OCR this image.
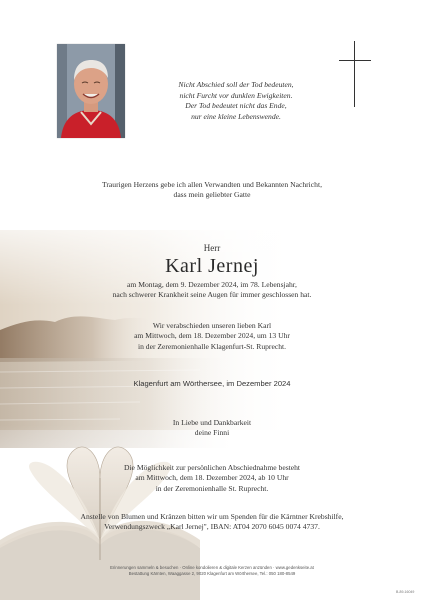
Nicht Abschied soll der Tod bedeuten,
nicht Furcht vor dunklen Ewigkeiten.
Der Tod bedeutet nicht das Ende,
nur eine kleine Lebenswende.
Traurigen Herzens gebe ich allen Verwandten und Bekannten Nachricht,
dass mein geliebter Gatte
Herr
Karl Jernej
am Montag, dem 9. Dezember 2024, im 78. Lebensjahr,
nach schwerer Krankheit seine Augen für immer geschlossen hat.
Wir verabschieden unseren lieben Karl
am Mittwoch, dem 18. Dezember 2024, um 13 Uhr
in der Zeremonienhalle Klagenfurt-St. Ruprecht.
Klagenfurt am Wörthersee, im Dezember 2024
In Liebe und Dankbarkeit
deine Finni
Die Möglichkeit zur persönlichen Abschiednahme besteht
am Mittwoch, dem 18. Dezember 2024, ab 10 Uhr
in der Zeremonienhalle St. Ruprecht.
Anstelle von Blumen und Kränzen bitten wir um Spenden für die Kärntner Krebshilfe,
Verwendungszweck „Karl Jernej", IBAN: AT04 2070 6045 0074 4737.
Erinnerungen sammeln & besuchen · Online kondolieren & digitale Kerzen anzünden · www.gedenkseite.at
Bestattung Kärnten, Waaggasse 2, 9020 Klagenfurt am Wörthersee, Tel.: 050 180-8549
B-89-16049
